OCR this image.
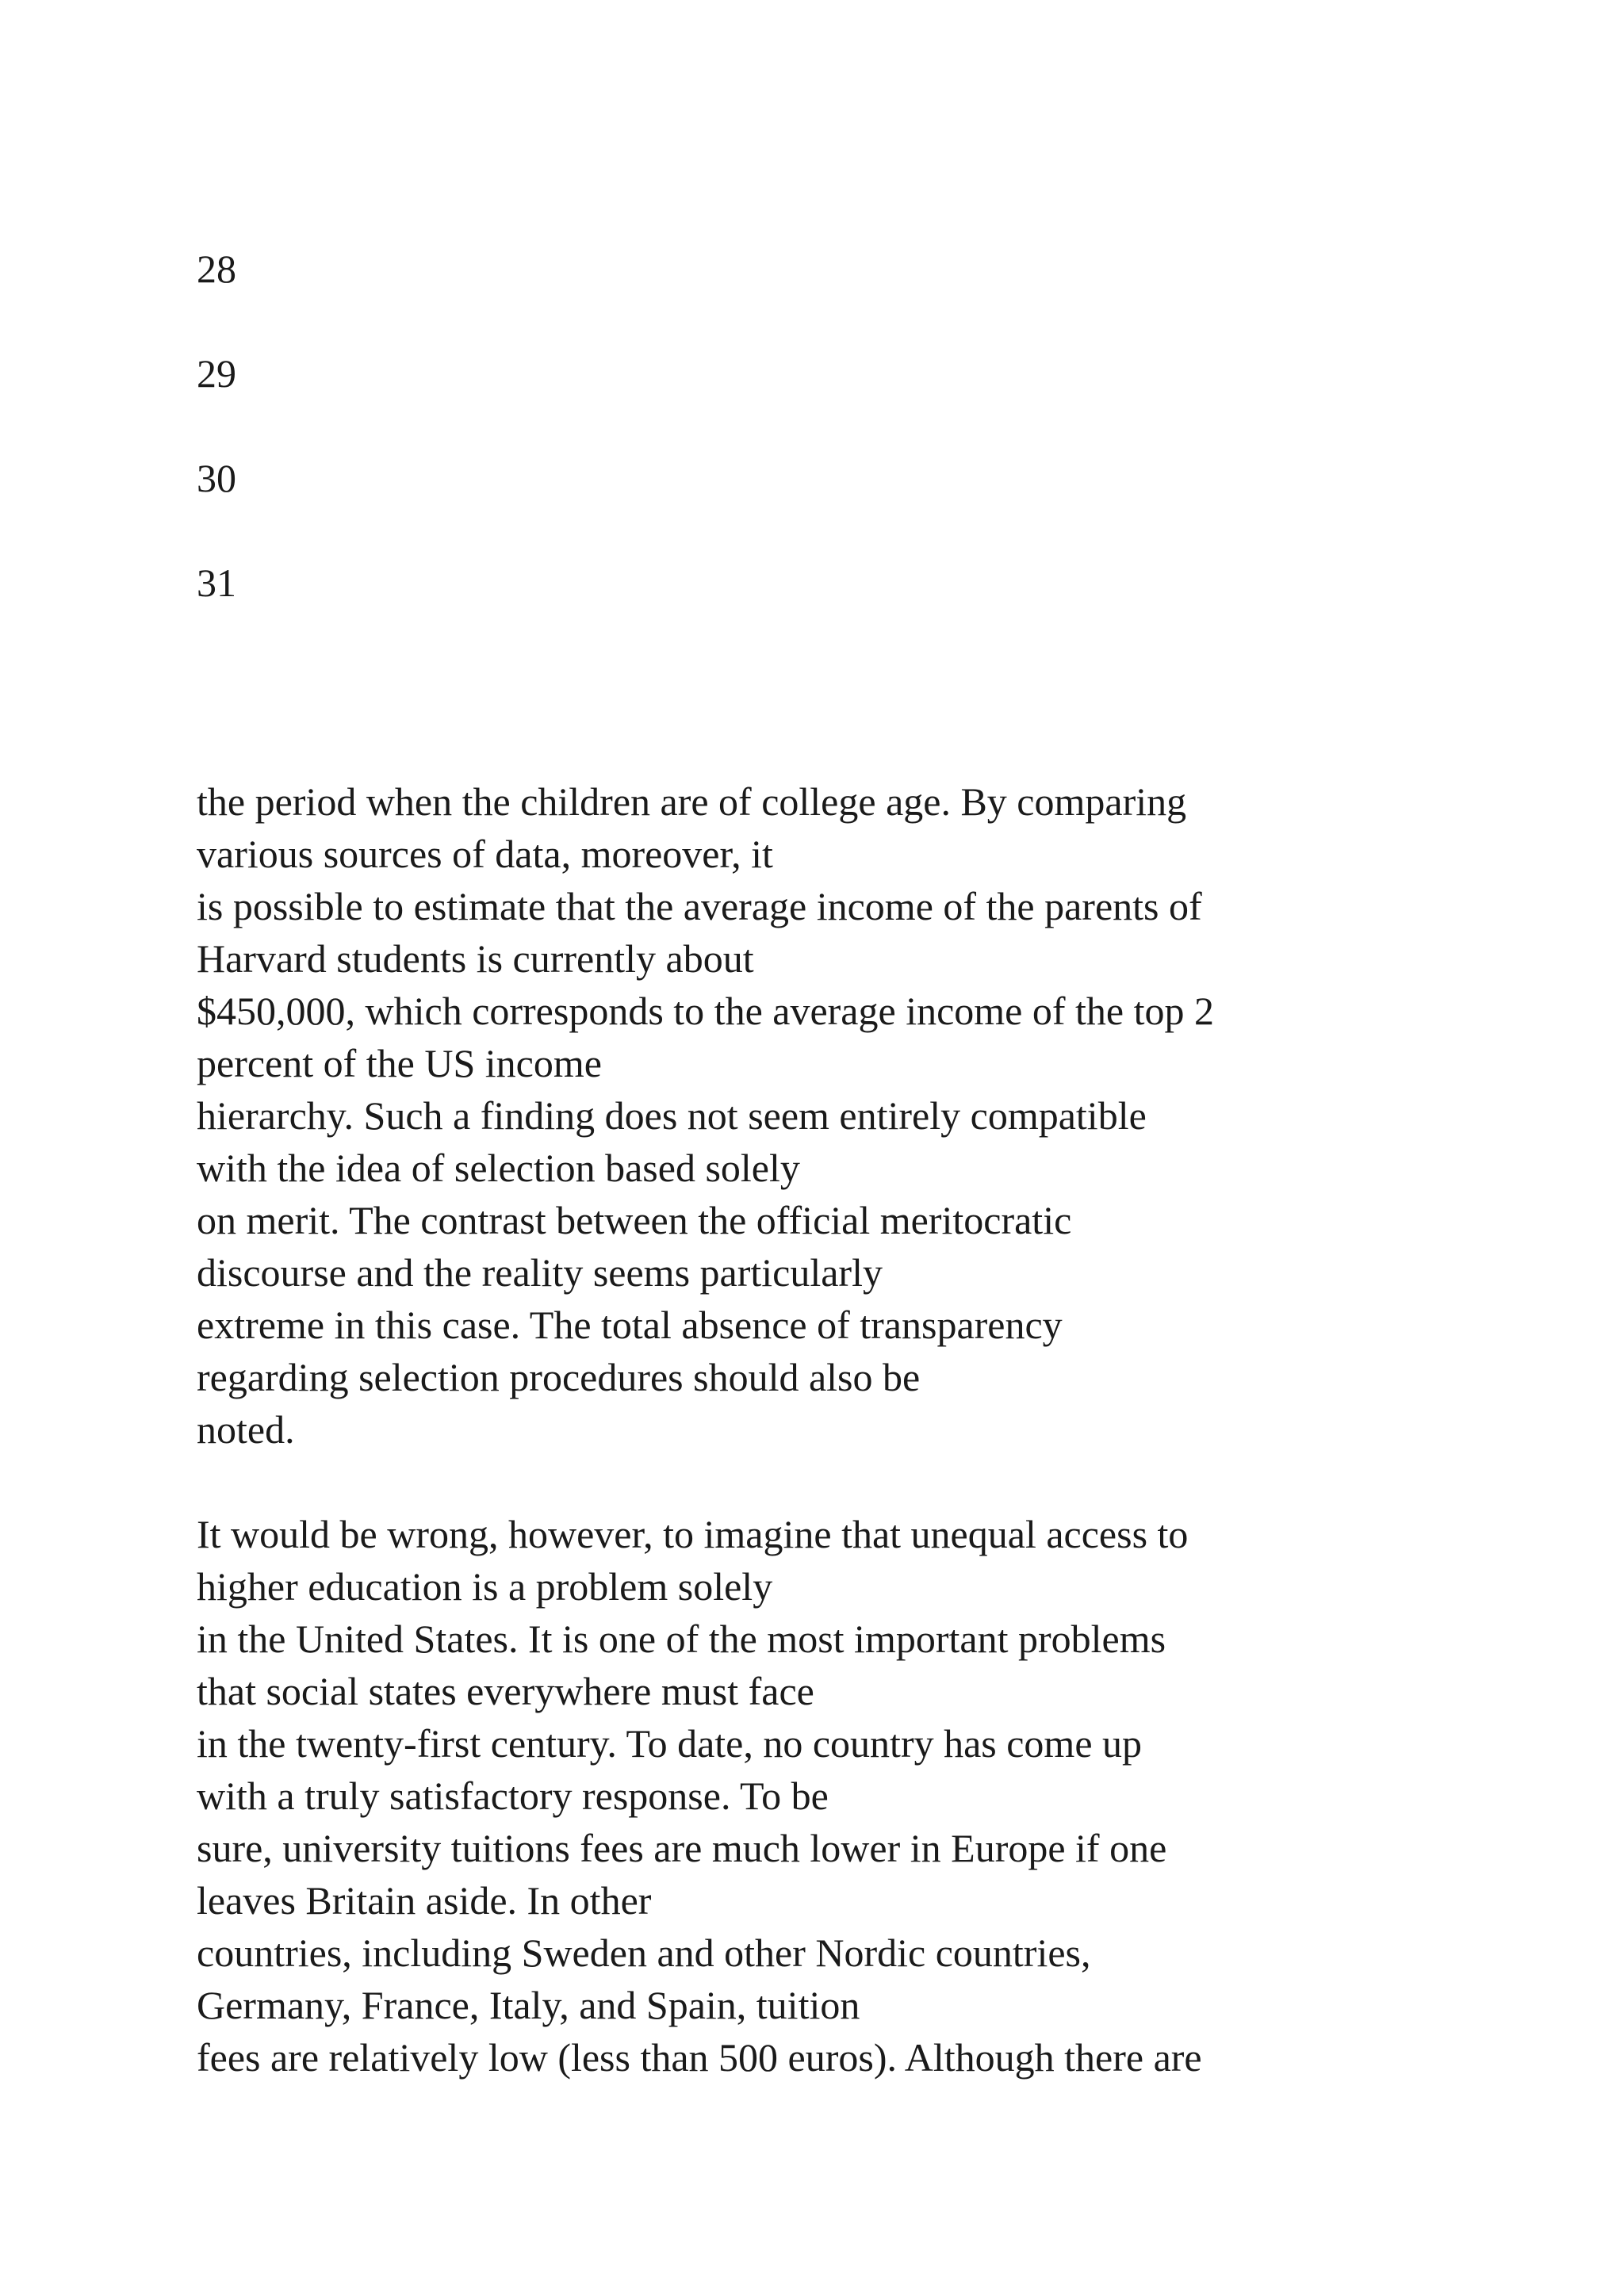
28
29
30
31
the period when the children are of college age. By comparing
various sources of data, moreover, it
is possible to estimate that the average income of the parents of
Harvard students is currently about
$450,000, which corresponds to the average income of the top 2
percent of the US income
hierarchy. Such a finding does not seem entirely compatible
with the idea of selection based solely
on merit. The contrast between the official meritocratic
discourse and the reality seems particularly
extreme in this case. The total absence of transparency
regarding selection procedures should also be
noted.
It would be wrong, however, to imagine that unequal access to
higher education is a problem solely
in the United States. It is one of the most important problems
that social states everywhere must face
in the twenty-first century. To date, no country has come up
with a truly satisfactory response. To be
sure, university tuitions fees are much lower in Europe if one
leaves Britain aside. In other
countries, including Sweden and other Nordic countries,
Germany, France, Italy, and Spain, tuition
fees are relatively low (less than 500 euros). Although there are
